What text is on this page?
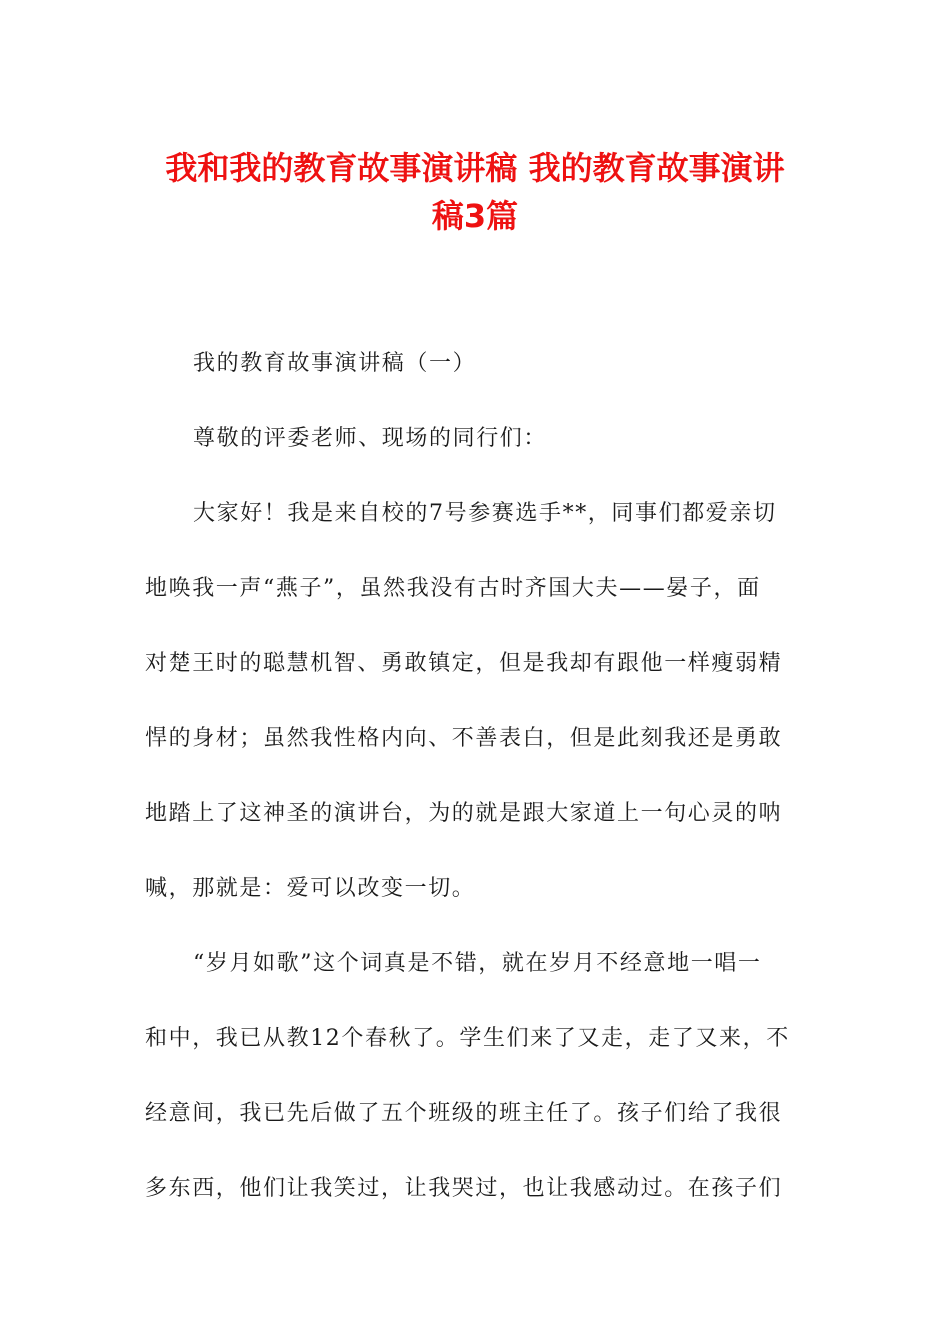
我和我的教育故事演讲稿 我的教育故事演讲
稿3篇
我的教育故事演讲稿（一）
尊敬的评委老师、现场的同行们：
大家好！我是来自校的7号参赛选手**，同事们都爱亲切
地唤我一声“燕子”，虽然我没有古时齐国大夫——晏子，面
对楚王时的聪慧机智、勇敢镇定，但是我却有跟他一样瘦弱精
悍的身材；虽然我性格内向、不善表白，但是此刻我还是勇敢
地踏上了这神圣的演讲台，为的就是跟大家道上一句心灵的呐
喊，那就是：爱可以改变一切。
“岁月如歌”这个词真是不错，就在岁月不经意地一唱一
和中，我已从教12个春秋了。学生们来了又走，走了又来，不
经意间，我已先后做了五个班级的班主任了。孩子们给了我很
多东西，他们让我笑过，让我哭过，也让我感动过。在孩子们
